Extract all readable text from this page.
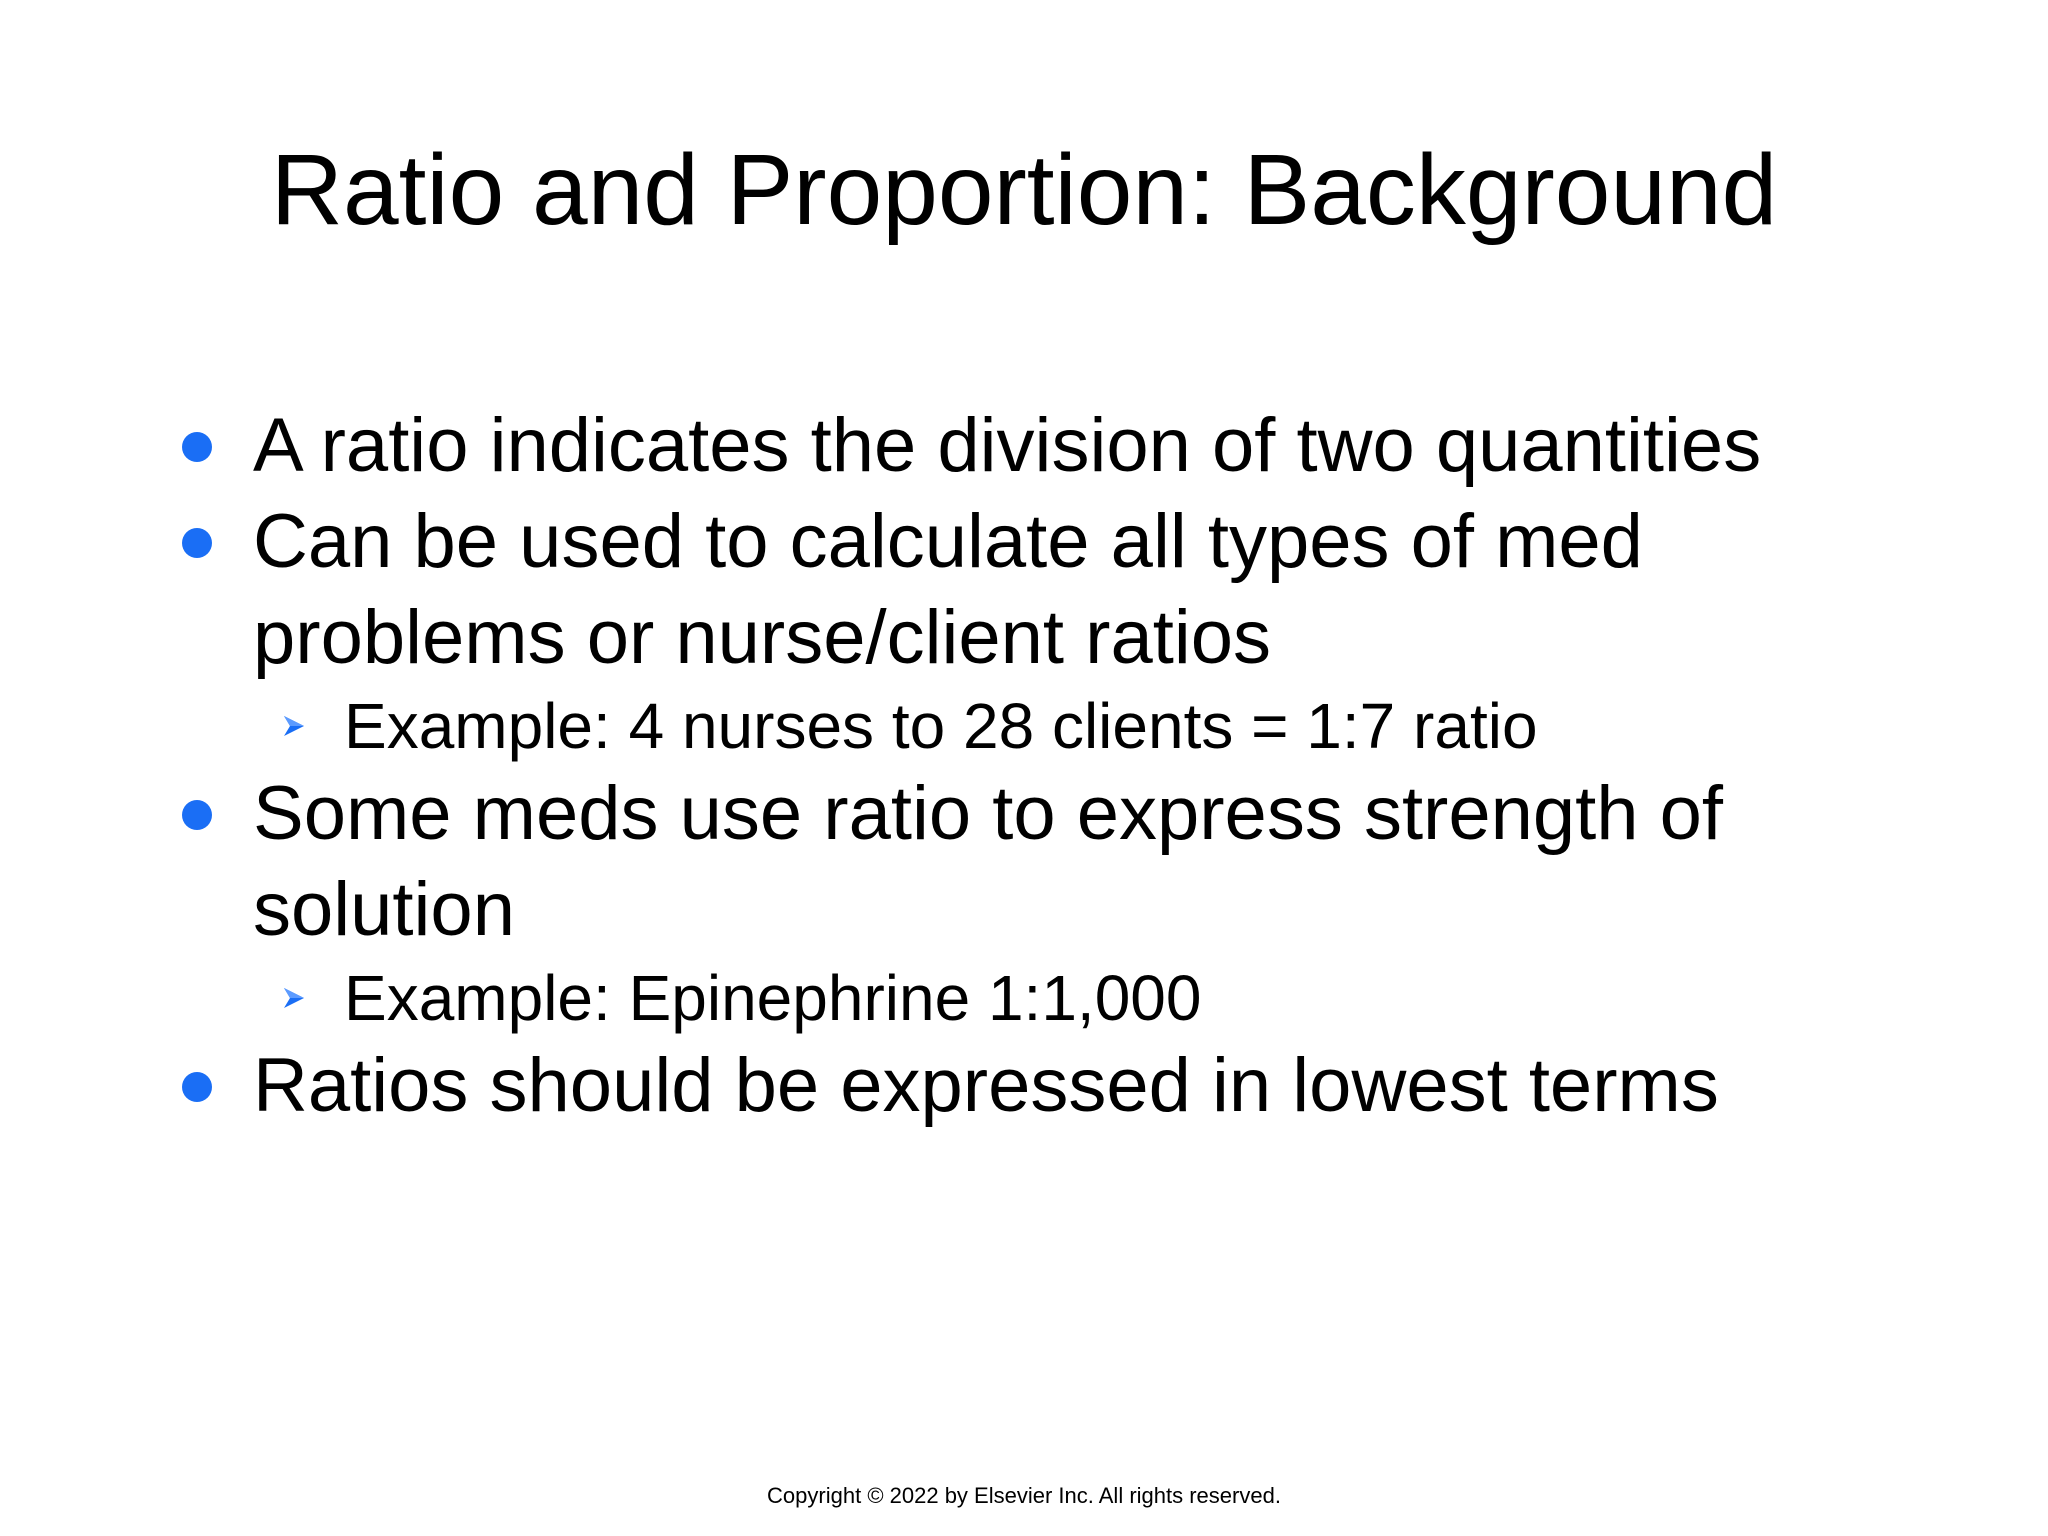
Ratio and Proportion: Background
A ratio indicates the division of two quantities
Can be used to calculate all types of med problems or nurse/client ratios
Example: 4 nurses to 28 clients = 1:7 ratio
Some meds use ratio to express strength of solution
Example: Epinephrine 1:1,000
Ratios should be expressed in lowest terms
Copyright © 2022 by Elsevier Inc. All rights reserved.
